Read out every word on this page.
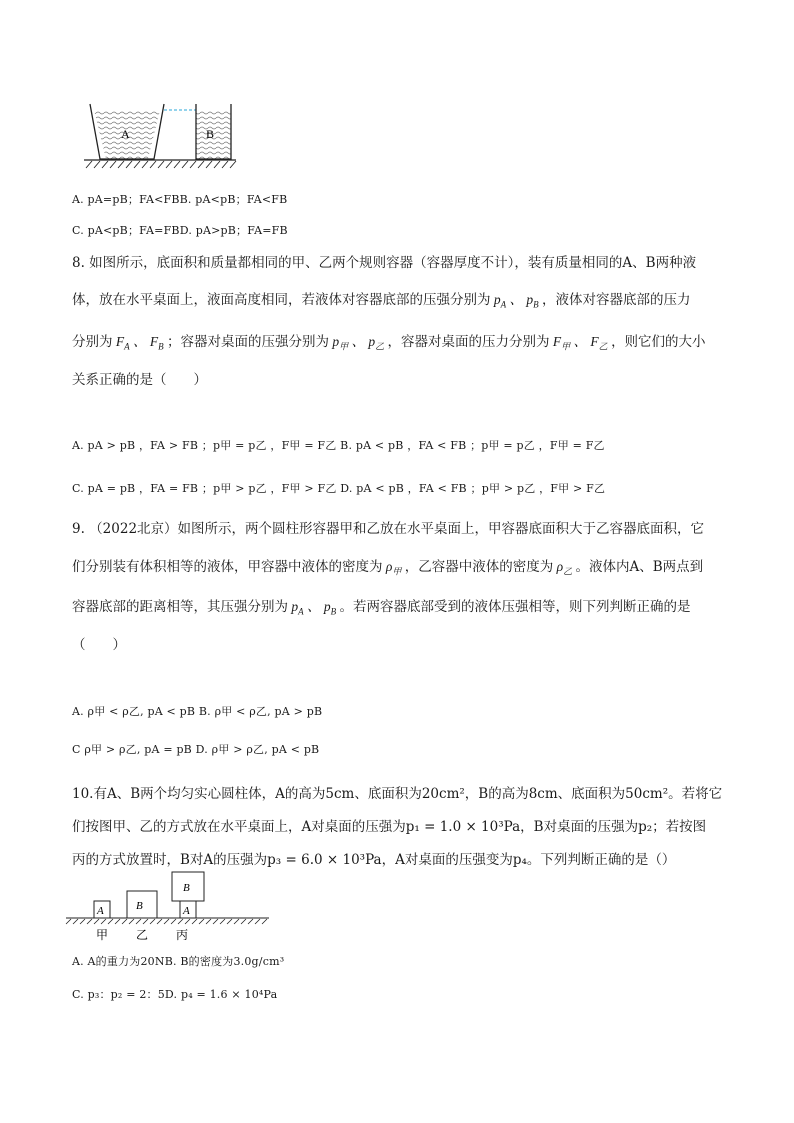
A	B
A. pA=pB；FA<FBB. pA<pB；FA<FB
C. pA<pB；FA=FBD. pA>pB；FA=FB
8. 如图所示，底面积和质量都相同的甲、乙两个规则容器（容器厚度不计），装有质量相同的A、B两种液
体，放在水平桌面上，液面高度相同，若液体对容器底部的压强分别为 $p_A$ 、 $p_B$ ，液体对容器底部的压力
分别为 $F_A$ 、 $F_B$ ；容器对桌面的压强分别为 $p_甲$ 、 $p_乙$ ，容器对桌面的压力分别为 $F_甲$ 、 $F_乙$ ，则它们的大小
关系正确的是（　　）
A. pA > pB ，FA > FB ；p甲 = p乙 ，F甲 = F乙 B. pA < pB ，FA < FB ；p甲 = p乙 ，F甲 = F乙
C. pA = pB ，FA = FB ；p甲 > p乙 ，F甲 > F乙 D. pA < pB ，FA < FB ；p甲 > p乙 ，F甲 > F乙
9. （2022北京）如图所示，两个圆柱形容器甲和乙放在水平桌面上，甲容器底面积大于乙容器底面积，它
们分别装有体积相等的液体，甲容器中液体的密度为 $\rho_甲$ ，乙容器中液体的密度为 $\rho_乙$ 。液体内A、B两点到
容器底部的距离相等，其压强分别为 $p_A$ 、 $p_B$ 。若两容器底部受到的液体压强相等，则下列判断正确的是
（　　）
A. ρ甲 < ρ乙, pA < pB B. ρ甲 < ρ乙, pA > pB
C ρ甲 > ρ乙, pA = pB D. ρ甲 > ρ乙, pA < pB
10.有A、B两个均匀实心圆柱体，A的高为5cm、底面积为20cm²，B的高为8cm、底面积为50cm²。若将它
们按图甲、乙的方式放在水平桌面上，A对桌面的压强为p₁ = 1.0 × 10³Pa，B对桌面的压强为p₂；若按图
丙的方式放置时，B对A的压强为p₃ = 6.0 × 10³Pa，A对桌面的压强变为p₄。下列判断正确的是（）
A	B
B
A
甲 乙 丙
A. A的重力为20NB. B的密度为3.0g/cm³
C. p₃：p₂ = 2：5D. p₄ = 1.6 × 10⁴Pa
